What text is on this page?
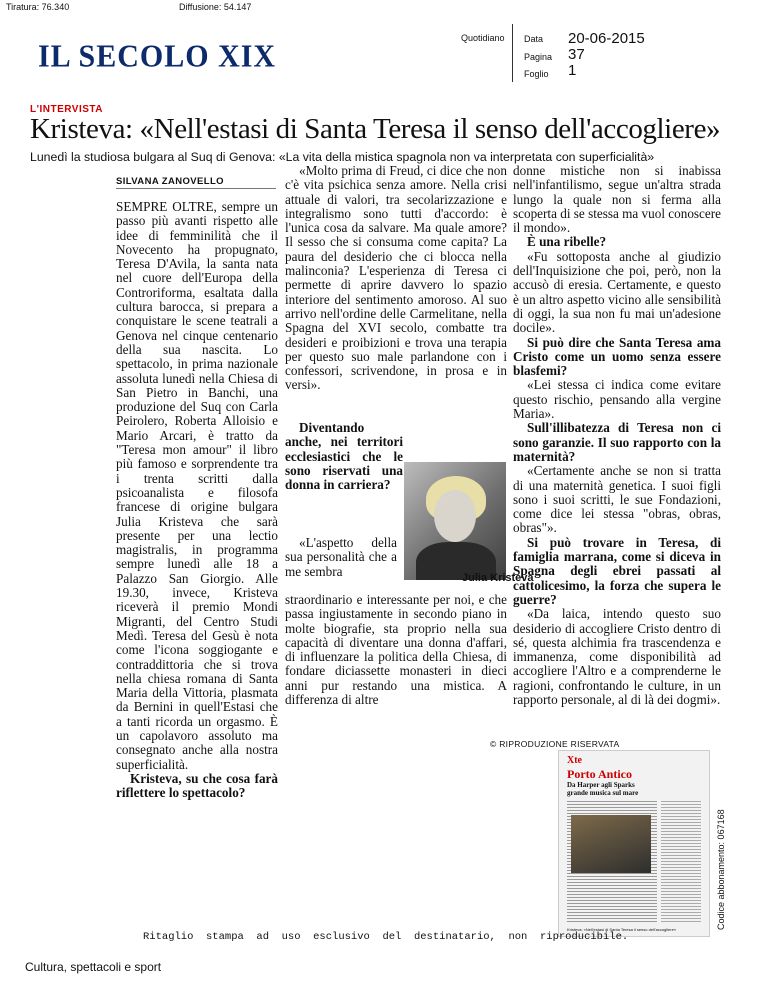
Tiratura: 76.340	Diffusione: 54.147
IL SECOLO XIX
Quotidiano Data 20-06-2015
Pagina 37
Foglio 1
L'INTERVISTA
Kristeva: «Nell'estasi di Santa Teresa il senso dell'accogliere»
Lunedì la studiosa bulgara al Suq di Genova: «La vita della mistica spagnola non va interpretata con superficialità»
SILVANA ZANOVELLO

SEMPRE OLTRE, sempre un passo più avanti rispetto alle idee di femminilità che il Novecento ha propugnato, Teresa D'Avila, la santa nata nel cuore dell'Europa della Controriforma, esaltata dalla cultura barocca, si prepara a conquistare le scene teatrali a Genova nel cinque centenario della sua nascita. Lo spettacolo, in prima nazionale assoluta lunedì nella Chiesa di San Pietro in Banchi, una produzione del Suq con Carla Peirolero, Roberta Alloisio e Mario Arcari, è tratto da "Teresa mon amour" il libro più famoso e sorprendente tra i trenta scritti dalla psicoanalista e filosofa francese di origine bulgara Julia Kristeva che sarà presente per una lectio magistralis, in programma sempre lunedì alle 18 a Palazzo San Giorgio. Alle 19.30, invece, Kristeva riceverà il premio Mondi Migranti, del Centro Studi Medì. Teresa del Gesù è nota come l'icona soggiogante e contraddittoria che si trova nella chiesa romana di Santa Maria della Vittoria, plasmata da Bernini in quell'Estasi che a tanti ricorda un orgasmo. È un capolavoro assoluto ma consegnato anche alla nostra superficialità.

Kristeva, su che cosa farà riflettere lo spettacolo?

«Molto prima di Freud, ci dice che non c'è vita psichica senza amore. Nella crisi attuale di valori, tra secolarizzazione e integralismo sono tutti d'accordo: è l'unica cosa da salvare. Ma quale amore? Il sesso che si consuma come capita? La paura del desiderio che ci blocca nella malinconia? L'esperienza di Teresa ci permette di aprire davvero lo spazio interiore del sentimento amoroso. Al suo arrivo nell'ordine delle Carmelitane, nella Spagna del XVI secolo, combatte tra desideri e proibizioni e trova una terapia per questo suo male parlandone con i confessori, scrivendone, in prosa e in versi».

Diventando anche, nei territori ecclesiastici che le sono riservati una donna in carriera?

«L'aspetto della sua personalità che a me sembra

straordinario e interessante per noi, e che passa ingiustamente in secondo piano in molte biografie, sta proprio nella sua capacità di diventare una donna d'affari, di influenzare la politica della Chiesa, di fondare diciassette monasteri in dieci anni pur restando una mistica. A differenza di altre

Julia Kristeva

donne mistiche non si inabissa nell'infantilismo, segue un'altra strada lungo la quale non si ferma alla scoperta di se stessa ma vuol conoscere il mondo».

È una ribelle?

«Fu sottoposta anche al giudizio dell'Inquisizione che poi, però, non la accusò di eresia. Certamente, e questo è un altro aspetto vicino alle sensibilità di oggi, la sua non fu mai un'adesione docile».

Si può dire che Santa Teresa ama Cristo come un uomo senza essere blasfemi?

«Lei stessa ci indica come evitare questo rischio, pensando alla vergine Maria».

Sull'illibatezza di Teresa non ci sono garanzie. Il suo rapporto con la maternità?

«Certamente anche se non si tratta di una maternità genetica. I suoi figli sono i suoi scritti, le sue Fondazioni, come dice lei stessa "obras, obras, obras"».

Si può trovare in Teresa, di famiglia marrana, come si diceva in Spagna degli ebrei passati al cattolicesimo, la forza che supera le guerre?

«Da laica, intendo questo suo desiderio di accogliere Cristo dentro di sé, questa alchimia fra trascendenza e immanenza, come disponibilità ad accogliere l'Altro e a comprenderne le ragioni, confrontando le culture, in un rapporto personale, al di là dei dogmi».

© RIPRODUZIONE RISERVATA
Xte
Porto Antico
Da Harper agli Sparks
grande musica sul mare
Kristeva: «Nell'estasi di Santa Teresa il senso dell'accogliere»	Codice abbonamento: 067168
Ritaglio  stampa  ad  uso  esclusivo  del  destinatario,  non  riproducibile.
Cultura, spettacoli e sport
